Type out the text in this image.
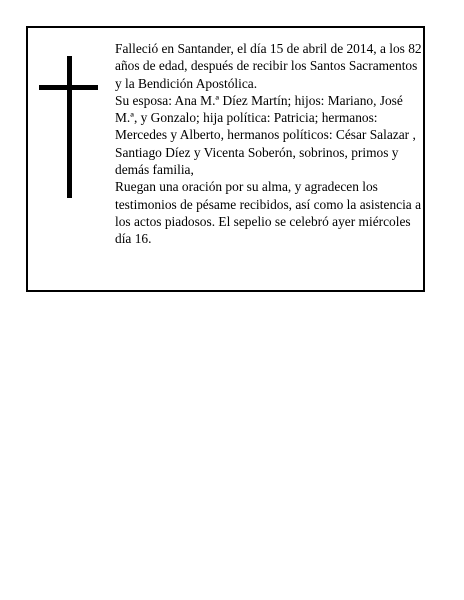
Falleció en Santander, el día 15 de abril de 2014, a los 82 años de edad, después de recibir los Santos Sacramentos y la Bendición Apostólica.

Su esposa: Ana M.ª Díez Martín; hijos: Mariano, José M.ª, y Gonzalo; hija política: Patricia; hermanos: Mercedes y Alberto, hermanos políticos: César Salazar , Santiago Díez y Vicenta Soberón, sobrinos, primos y demás familia,

Ruegan una oración por su alma, y agradecen los testimonios de pésame recibidos, así como la asistencia a los actos piadosos. El sepelio se celebró ayer miércoles día 16.
